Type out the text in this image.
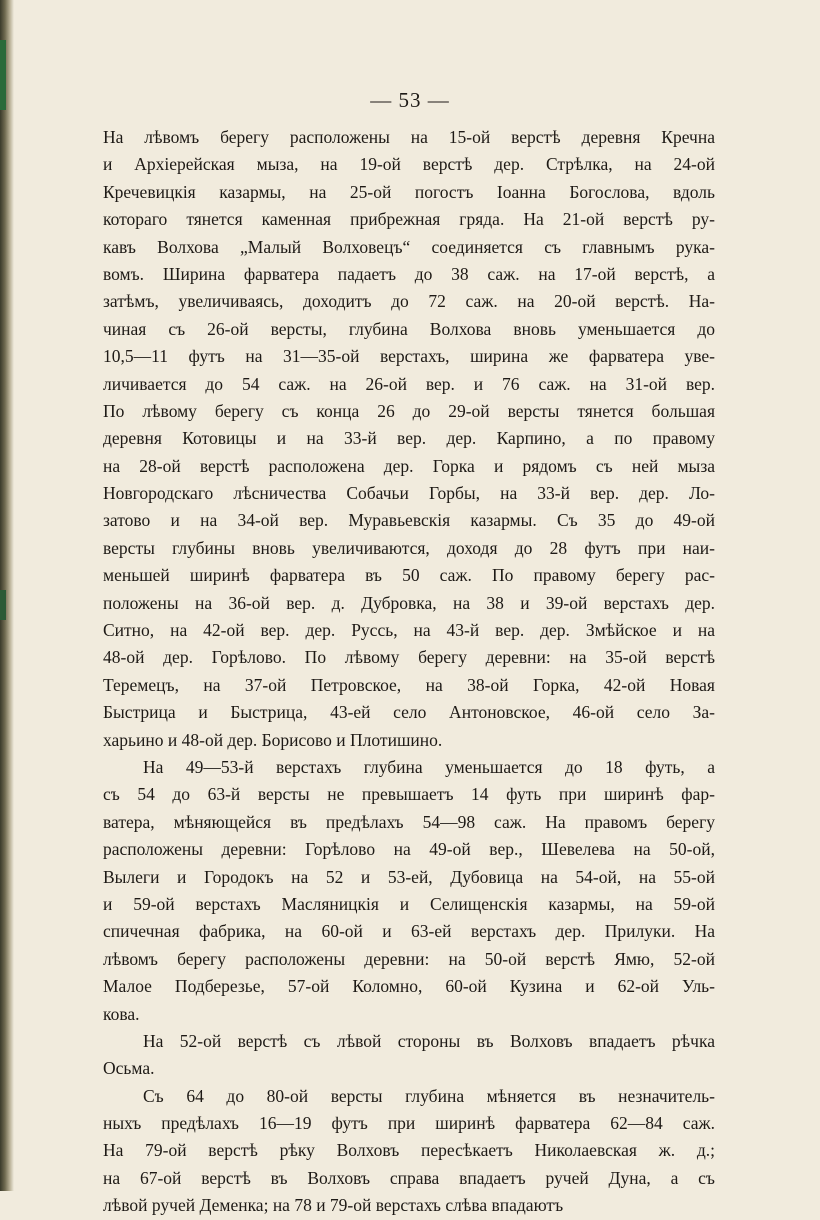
— 53 —
На лѣвомъ берегу расположены на 15-ой верстѣ деревня Кречна
и Архіерейская мыза, на 19-ой верстѣ дер. Стрѣлка, на 24-ой
Кречевицкія казармы, на 25-ой погостъ Іоанна Богослова, вдоль
котораго тянется каменная прибрежная гряда. На 21-ой верстѣ ру-
кавъ Волхова „Малый Волховецъ“ соединяется съ главнымъ рука-
вомъ. Ширина фарватера падаетъ до 38 саж. на 17-ой верстѣ, а
затѣмъ, увеличиваясь, доходитъ до 72 саж. на 20-ой верстѣ. На-
чиная съ 26-ой версты, глубина Волхова вновь уменьшается до
10,5—11 футъ на 31—35-ой верстахъ, ширина же фарватера уве-
личивается до 54 саж. на 26-ой вер. и 76 саж. на 31-ой вер.
По лѣвому берегу съ конца 26 до 29-ой версты тянется большая
деревня Котовицы и на 33-й вер. дер. Карпино, а по правому
на 28-ой верстѣ расположена дер. Горка и рядомъ съ ней мыза
Новгородскаго лѣсничества Собачьи Горбы, на 33-й вер. дер. Ло-
затово и на 34-ой вер. Муравьевскія казармы. Съ 35 до 49-ой
версты глубины вновь увеличиваются, доходя до 28 футъ при наи-
меньшей ширинѣ фарватера въ 50 саж. По правому берегу рас-
положены на 36-ой вер. д. Дубровка, на 38 и 39-ой верстахъ дер.
Ситно, на 42-ой вер. дер. Руссь, на 43-й вер. дер. Змѣйское и на
48-ой дер. Горѣлово. По лѣвому берегу деревни: на 35-ой верстѣ
Теремецъ, на 37-ой Петровское, на 38-ой Горка, 42-ой Новая
Быстрица и Быстрица, 43-ей село Антоновское, 46-ой село За-
харьино и 48-ой дер. Борисово и Плотишино.
На 49—53-й верстахъ глубина уменьшается до 18 футь, а
съ 54 до 63-й версты не превышаетъ 14 футь при ширинѣ фар-
ватера, мѣняющейся въ предѣлахъ 54—98 саж. На правомъ берегу
расположены деревни: Горѣлово на 49-ой вер., Шевелева на 50-ой,
Вылеги и Городокъ на 52 и 53-ей, Дубовица на 54-ой, на 55-ой
и 59-ой верстахъ Масляницкія и Селищенскія казармы, на 59-ой
спичечная фабрика, на 60-ой и 63-ей верстахъ дер. Прилуки. На
лѣвомъ берегу расположены деревни: на 50-ой верстѣ Ямю, 52-ой
Малое Подберезье, 57-ой Коломно, 60-ой Кузина и 62-ой Уль-
кова.
На 52-ой верстѣ съ лѣвой стороны въ Волховъ впадаетъ рѣчка
Осьма.
Съ 64 до 80-ой версты глубина мѣняется въ незначитель-
ныхъ предѣлахъ 16—19 футъ при ширинѣ фарватера 62—84 саж.
На 79-ой верстѣ рѣку Волховъ пересѣкаетъ Николаевская ж. д.;
на 67-ой верстѣ въ Волховъ справа впадаетъ ручей Дуна, а съ
лѣвой ручей Деменка; на 78 и 79-ой верстахъ слѣва впадаютъ
